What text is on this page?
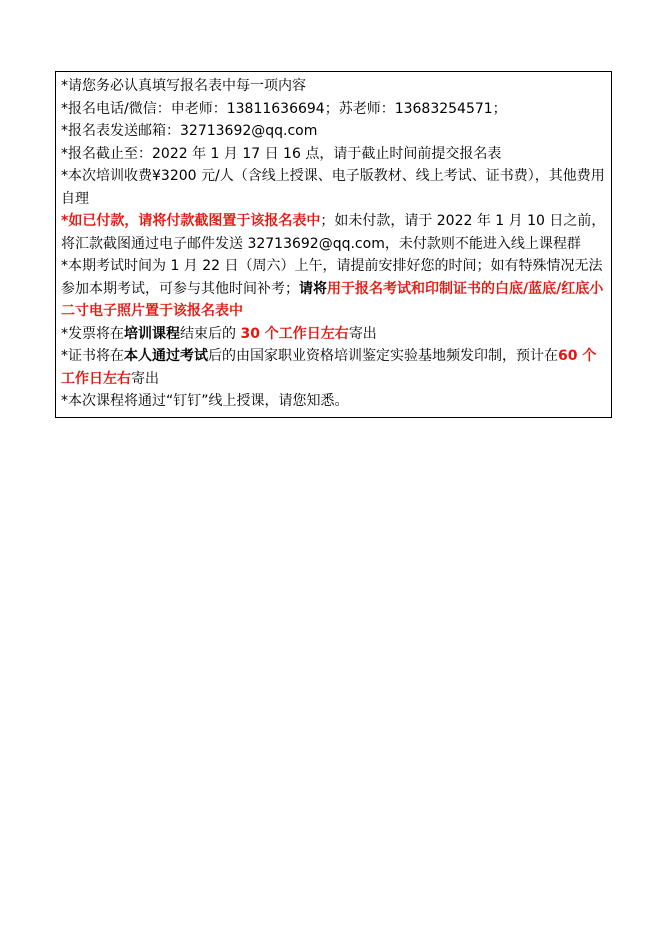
*请您务必认真填写报名表中每一项内容

*报名电话/微信：申老师：13811636694；苏老师：13683254571；

*报名表发送邮箱：32713692@qq.com

*报名截止至：2022 年 1 月 17 日 16 点，请于截止时间前提交报名表

*本次培训收费¥3200 元/人（含线上授课、电子版教材、线上考试、证书费），其他费用自理

*如已付款，请将付款截图置于该报名表中；如未付款，请于 2022 年 1 月 10 日之前，将汇款截图通过电子邮件发送 32713692@qq.com，未付款则不能进入线上课程群

*本期考试时间为 1 月 22 日（周六）上午，请提前安排好您的时间；如有特殊情况无法参加本期考试，可参与其他时间补考；请将用于报名考试和印制证书的白底/蓝底/红底小二寸电子照片置于该报名表中

*发票将在培训课程结束后的 30 个工作日左右寄出

*证书将在本人通过考试后的由国家职业资格培训鉴定实验基地频发印制，预计在60 个工作日左右寄出

*本次课程将通过“钉钉”线上授课，请您知悉。
